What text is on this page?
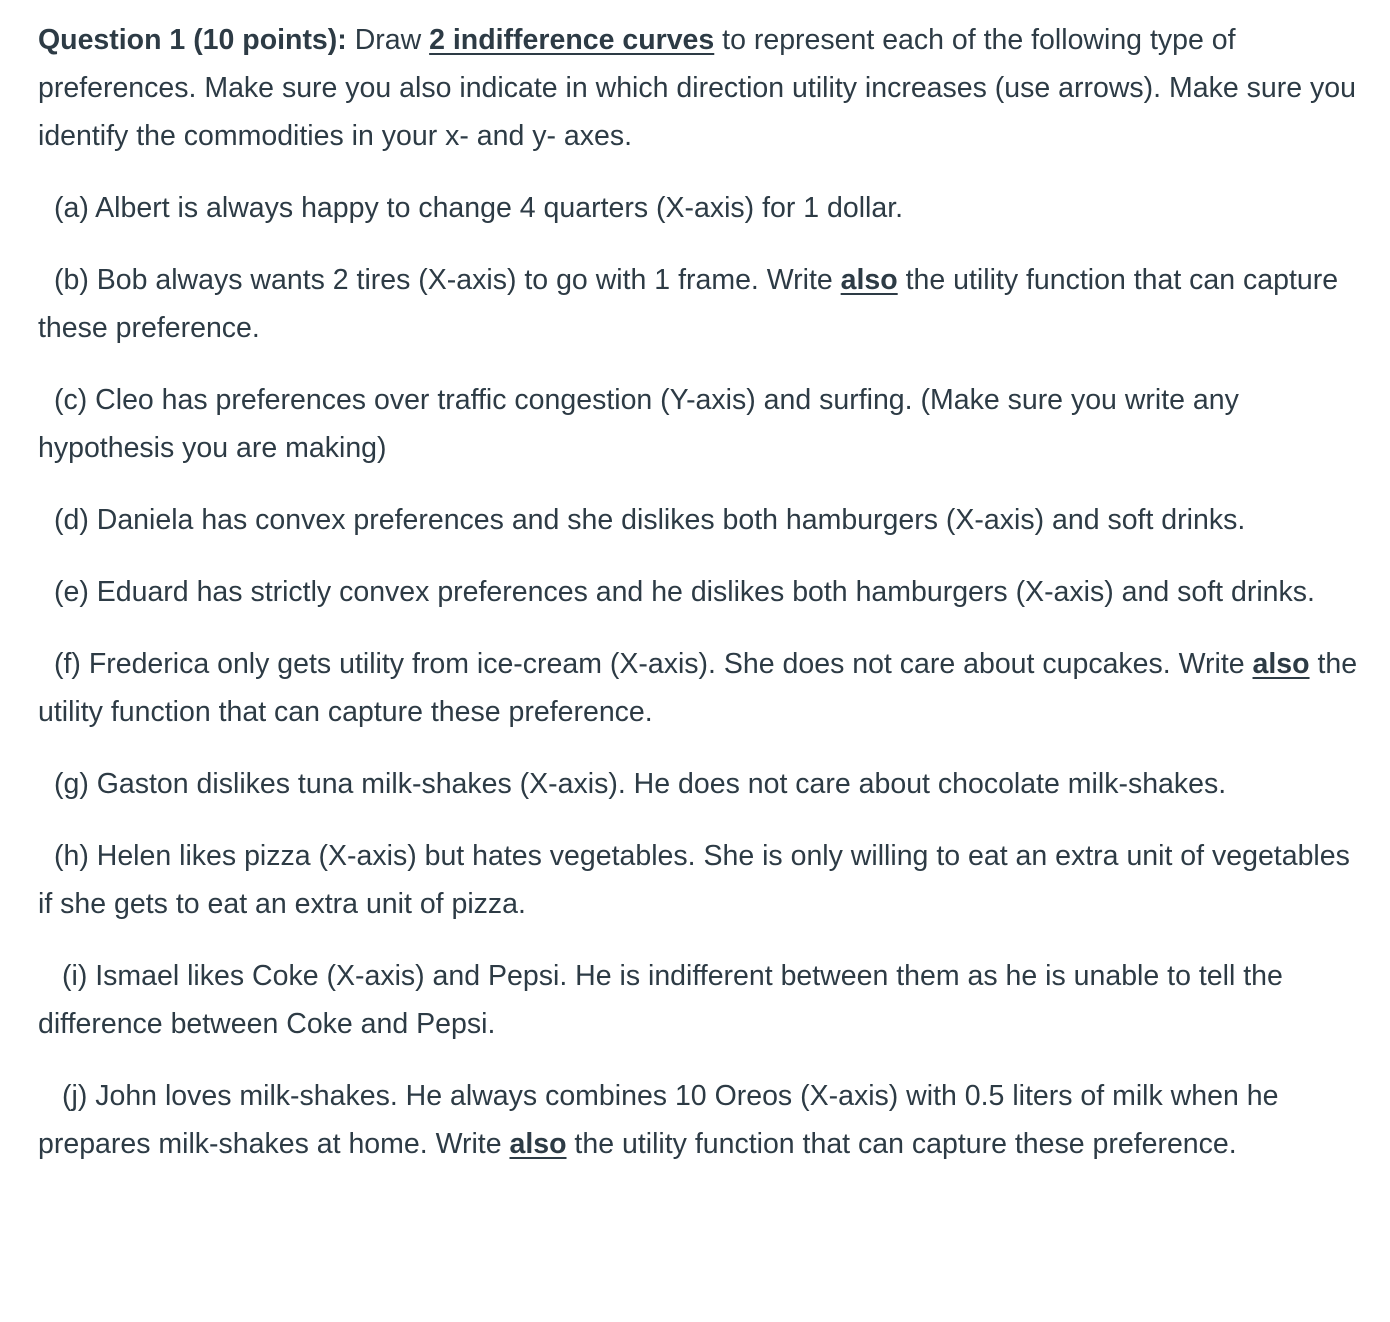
Question 1 (10 points): Draw 2 indifference curves to represent each of the following type of preferences. Make sure you also indicate in which direction utility increases (use arrows). Make sure you identify the commodities in your x- and y- axes.

(a) Albert is always happy to change 4 quarters (X-axis) for 1 dollar.

(b) Bob always wants 2 tires (X-axis) to go with 1 frame. Write also the utility function that can capture these preference.

(c) Cleo has preferences over traffic congestion (Y-axis) and surfing. (Make sure you write any hypothesis you are making)

(d) Daniela has convex preferences and she dislikes both hamburgers (X-axis) and soft drinks.

(e) Eduard has strictly convex preferences and he dislikes both hamburgers (X-axis) and soft drinks.

(f) Frederica only gets utility from ice-cream (X-axis). She does not care about cupcakes. Write also the utility function that can capture these preference.

(g) Gaston dislikes tuna milk-shakes (X-axis). He does not care about chocolate milk-shakes.

(h) Helen likes pizza (X-axis) but hates vegetables. She is only willing to eat an extra unit of vegetables if she gets to eat an extra unit of pizza.

(i) Ismael likes Coke (X-axis) and Pepsi. He is indifferent between them as he is unable to tell the difference between Coke and Pepsi.

(j) John loves milk-shakes. He always combines 10 Oreos (X-axis) with 0.5 liters of milk when he prepares milk-shakes at home. Write also the utility function that can capture these preference.
